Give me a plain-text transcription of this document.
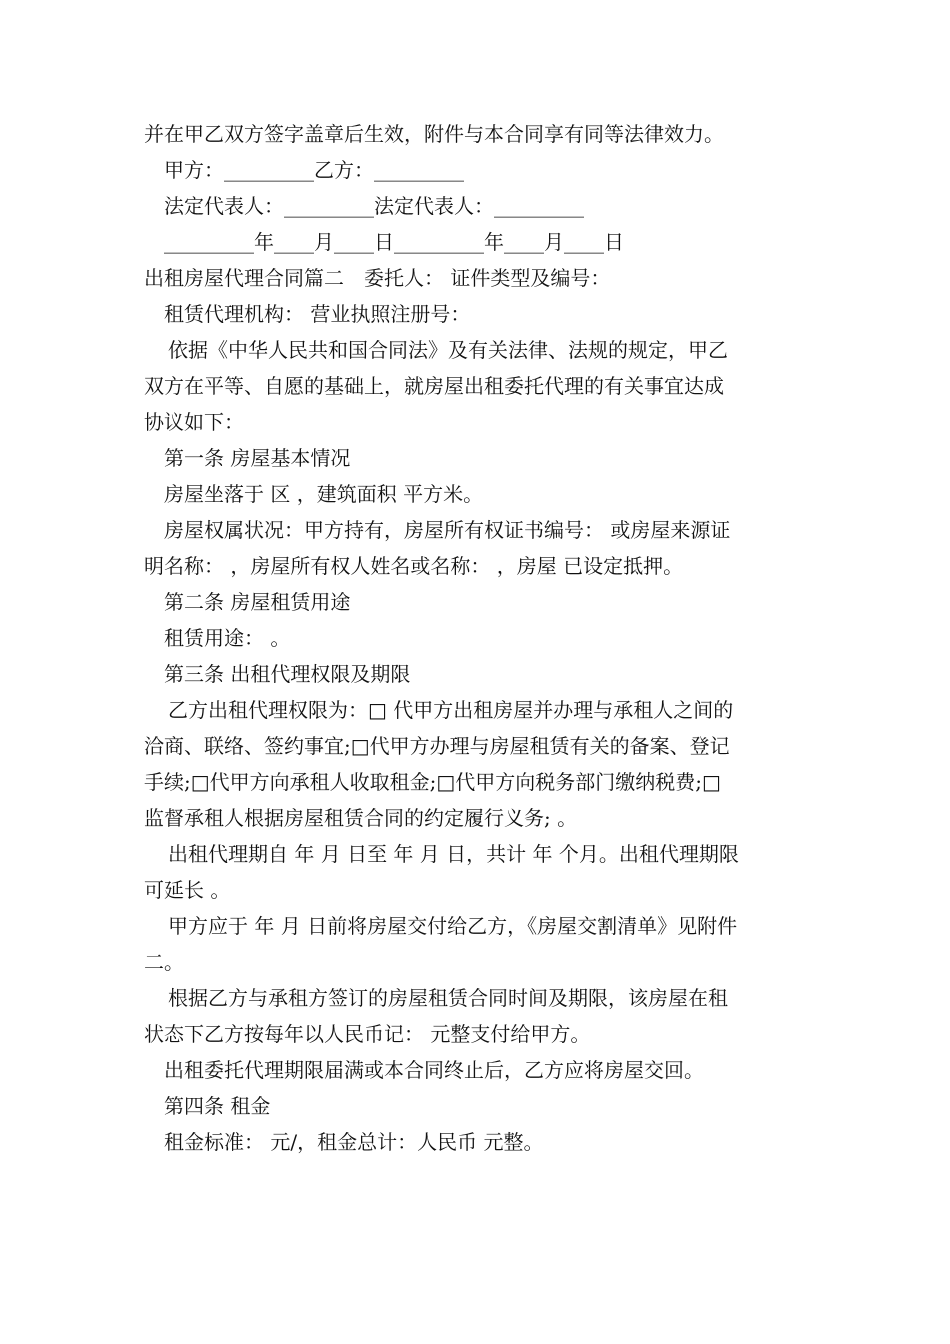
并在甲乙双方签字盖章后生效，附件与本合同享有同等法律效力。

甲方：_________乙方：_________

法定代表人：_________法定代表人：_________

_________年____月____日_________年____月____日

出租房屋代理合同篇二　委托人： 证件类型及编号：

租赁代理机构： 营业执照注册号：

依据《中华人民共和国合同法》及有关法律、法规的规定，甲乙

双方在平等、自愿的基础上，就房屋出租委托代理的有关事宜达成

协议如下：

第一条 房屋基本情况

房屋坐落于 区 ，建筑面积 平方米。

房屋权属状况：甲方持有，房屋所有权证书编号： 或房屋来源证

明名称： ，房屋所有权人姓名或名称： ，房屋 已设定抵押。

第二条 房屋租赁用途

租赁用途： 。

第三条 出租代理权限及期限

乙方出租代理权限为：□ 代甲方出租房屋并办理与承租人之间的

洽商、联络、签约事宜;□代甲方办理与房屋租赁有关的备案、登记

手续;□代甲方向承租人收取租金;□代甲方向税务部门缴纳税费;□

监督承租人根据房屋租赁合同的约定履行义务; 。

出租代理期自 年 月 日至 年 月 日，共计 年 个月。出租代理期限

可延长 。

甲方应于 年 月 日前将房屋交付给乙方，《房屋交割清单》见附件

二。

根据乙方与承租方签订的房屋租赁合同时间及期限，该房屋在租

状态下乙方按每年以人民币记： 元整支付给甲方。

出租委托代理期限届满或本合同终止后，乙方应将房屋交回。

第四条 租金

租金标准： 元/，租金总计：人民币 元整。
